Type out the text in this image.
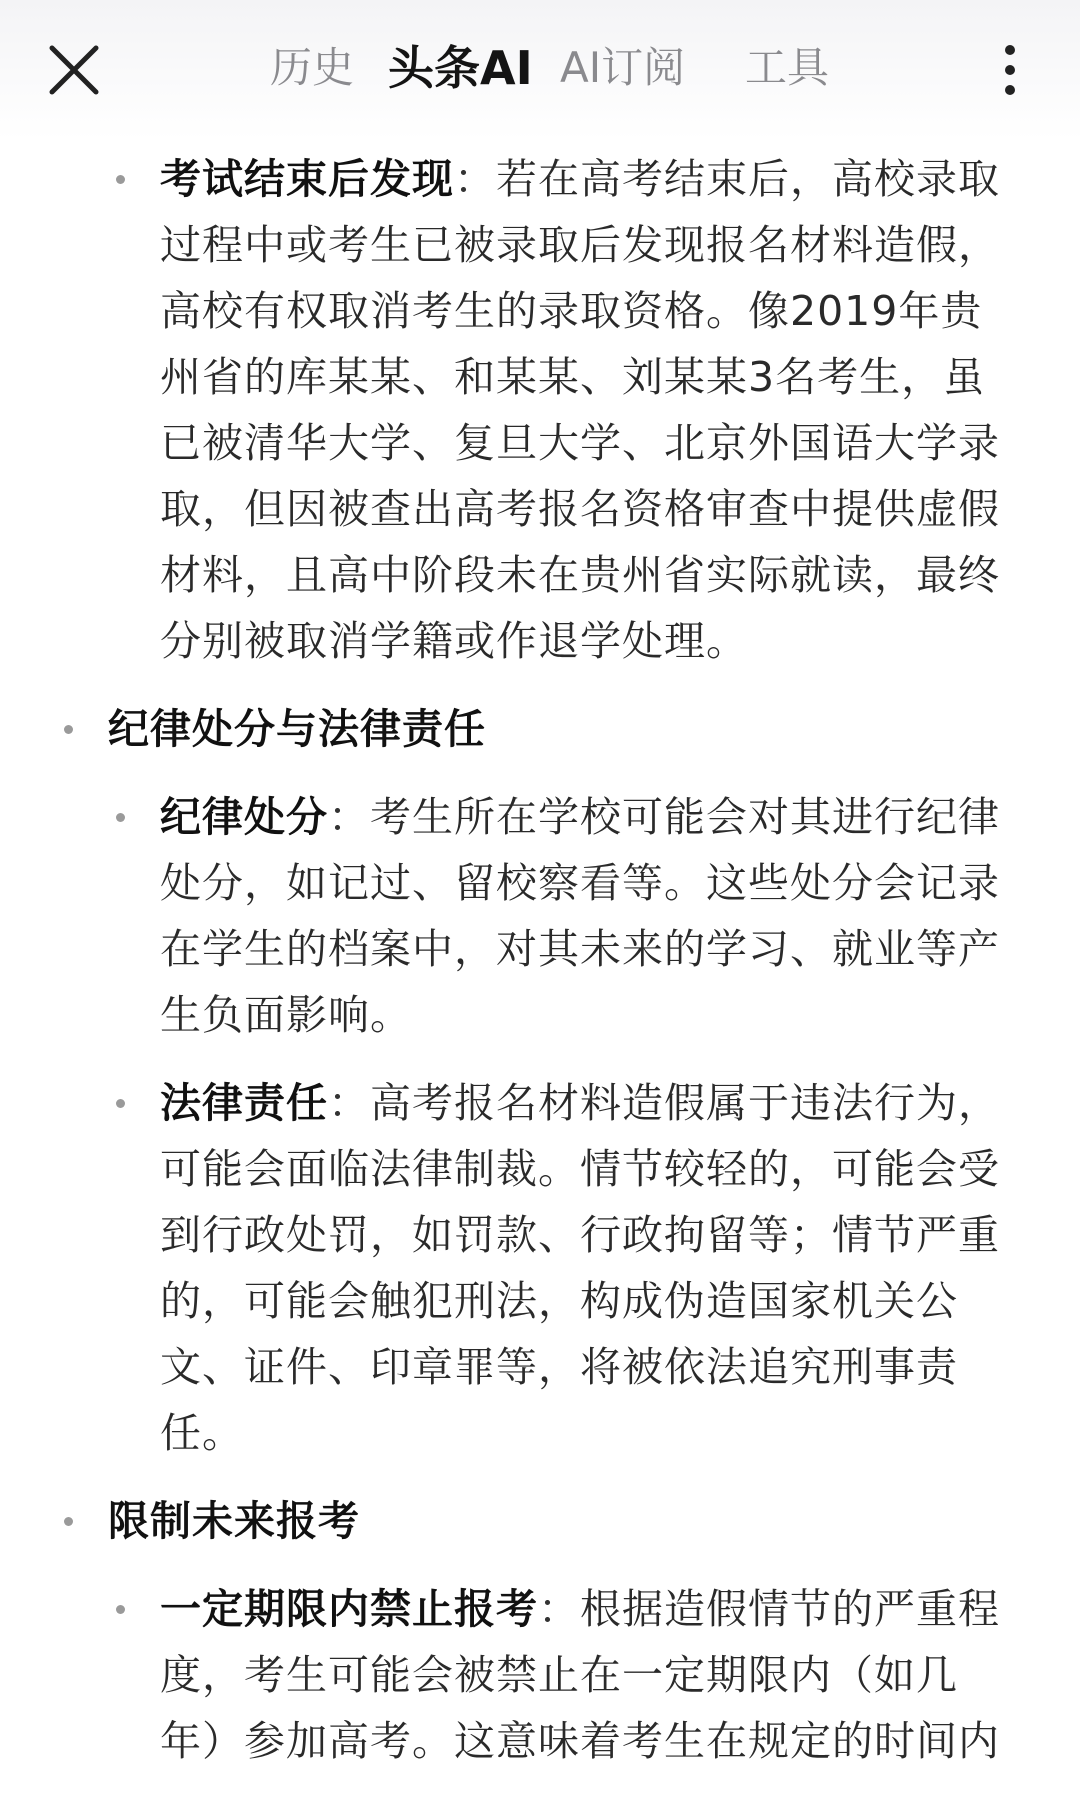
历史 头条AI AI订阅 工具
考试结束后发现：若在高考结束后，高校录取过程中或考生已被录取后发现报名材料造假，高校有权取消考生的录取资格。像2019年贵州省的库某某、和某某、刘某某3名考生，虽已被清华大学、复旦大学、北京外国语大学录取，但因被查出高考报名资格审查中提供虚假材料，且高中阶段未在贵州省实际就读，最终分别被取消学籍或作退学处理。
纪律处分与法律责任
纪律处分：考生所在学校可能会对其进行纪律处分，如记过、留校察看等。这些处分会记录在学生的档案中，对其未来的学习、就业等产生负面影响。
法律责任：高考报名材料造假属于违法行为，可能会面临法律制裁。情节较轻的，可能会受到行政处罚，如罚款、行政拘留等；情节严重的，可能会触犯刑法，构成伪造国家机关公文、证件、印章罪等，将被依法追究刑事责任。
限制未来报考
一定期限内禁止报考：根据造假情节的严重程度，考生可能会被禁止在一定期限内（如几年）参加高考。这意味着考生在规定的时间内
